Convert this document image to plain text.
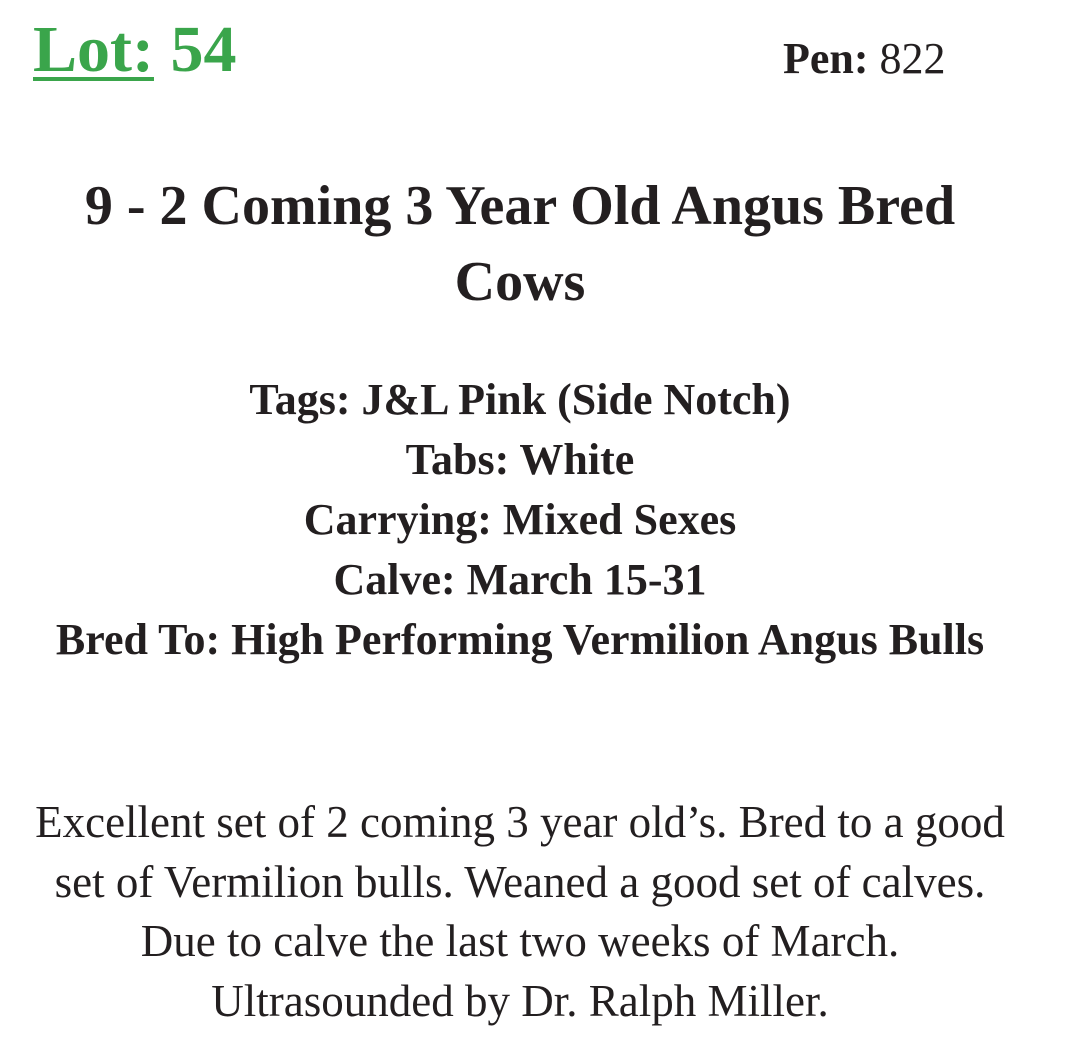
Lot: 54	Pen: 822
9 - 2 Coming 3 Year Old Angus Bred Cows
Tags: J&L Pink (Side Notch)
Tabs: White
Carrying: Mixed Sexes
Calve: March 15-31
Bred To: High Performing Vermilion Angus Bulls
Excellent set of 2 coming 3 year old’s. Bred to a good set of Vermilion bulls. Weaned a good set of calves. Due to calve the last two weeks of March. Ultrasounded by Dr. Ralph Miller.
